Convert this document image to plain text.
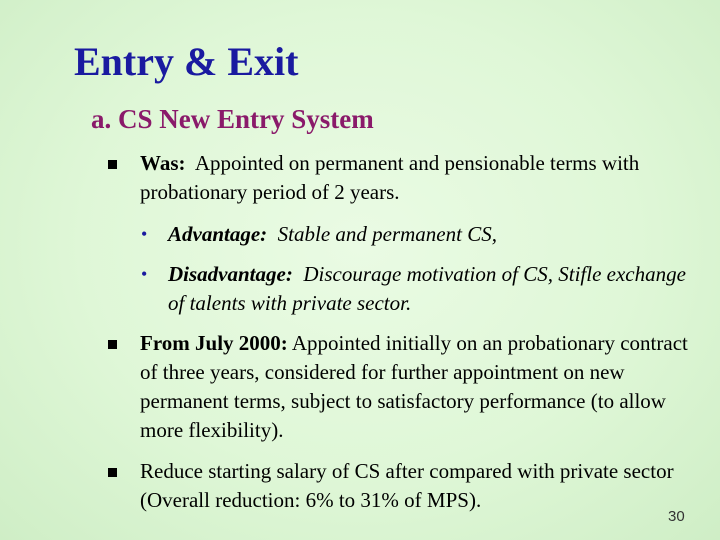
Entry & Exit
a. CS New Entry System
Was: Appointed on permanent and pensionable terms with probationary period of 2 years.
• Advantage: Stable and permanent CS,
• Disadvantage: Discourage motivation of CS, Stifle exchange of talents with private sector.
From July 2000: Appointed initially on an probationary contract of three years, considered for further appointment on new permanent terms, subject to satisfactory performance (to allow more flexibility).
Reduce starting salary of CS after compared with private sector (Overall reduction: 6% to 31% of MPS).
30
